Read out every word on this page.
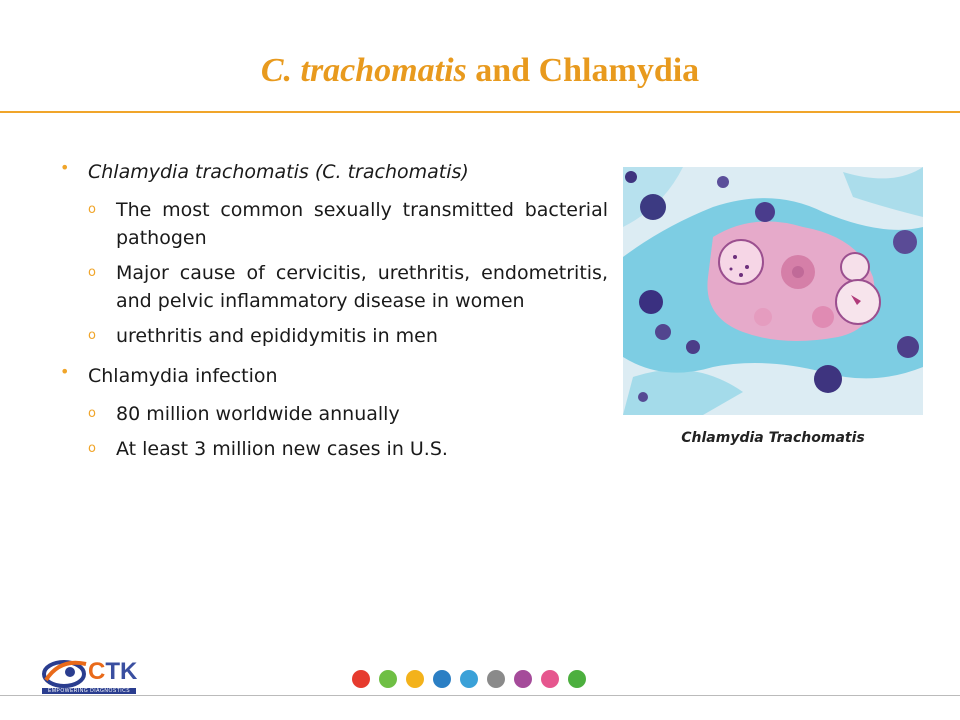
C. trachomatis and Chlamydia
• Chlamydia trachomatis (C. trachomatis)
o The most common sexually transmitted bacterial pathogen
o Major cause of cervicitis, urethritis, endometritis, and pelvic inflammatory disease in women
o urethritis and epididymitis in men
• Chlamydia infection
o 80 million worldwide annually
o At least 3 million new cases in U.S.	Chlamydia Trachomatis
CTK
EMPOWERING DIAGNOSTICS
